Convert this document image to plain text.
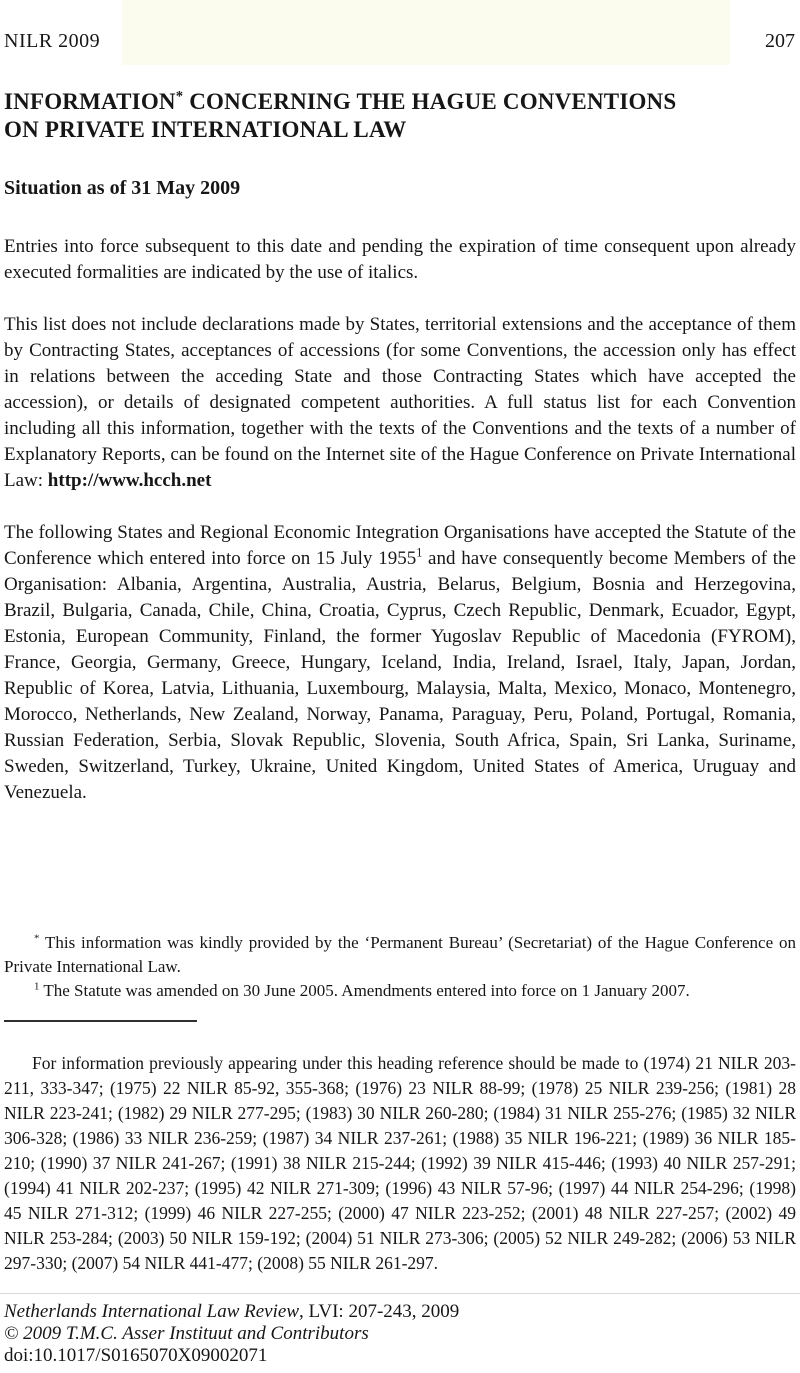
NILR 2009	207
INFORMATION* CONCERNING THE HAGUE CONVENTIONS
ON PRIVATE INTERNATIONAL LAW
Situation as of 31 May 2009

Entries into force subsequent to this date and pending the expiration of time consequent upon already executed formalities are indicated by the use of italics.

This list does not include declarations made by States, territorial extensions and the acceptance of them by Contracting States, acceptances of accessions (for some Conventions, the accession only has effect in relations between the acceding State and those Contracting States which have accepted the accession), or details of designated competent authorities. A full status list for each Convention including all this information, together with the texts of the Conventions and the texts of a number of Explanatory Reports, can be found on the Internet site of the Hague Conference on Private International Law: http://www.hcch.net

The following States and Regional Economic Integration Organisations have accepted the Statute of the Conference which entered into force on 15 July 1955$^1$ and have consequently become Members of the Organisation: Albania, Argentina, Australia, Austria, Belarus, Belgium, Bosnia and Herzegovina, Brazil, Bulgaria, Canada, Chile, China, Croatia, Cyprus, Czech Republic, Denmark, Ecuador, Egypt, Estonia, European Community, Finland, the former Yugoslav Republic of Macedonia (FYROM), France, Georgia, Germany, Greece, Hungary, Iceland, India, Ireland, Israel, Italy, Japan, Jordan, Republic of Korea, Latvia, Lithuania, Luxembourg, Malaysia, Malta, Mexico, Monaco, Montenegro, Morocco, Netherlands, New Zealand, Norway, Panama, Paraguay, Peru, Poland, Portugal, Romania, Russian Federation, Serbia, Slovak Republic, Slovenia, South Africa, Spain, Sri Lanka, Suriname, Sweden, Switzerland, Turkey, Ukraine, United Kingdom, United States of America, Uruguay and Venezuela.

* This information was kindly provided by the ‘Permanent Bureau’ (Secretariat) of the Hague Conference on Private International Law.

$^1$ The Statute was amended on 30 June 2005. Amendments entered into force on 1 January 2007.

For information previously appearing under this heading reference should be made to (1974) 21 NILR 203-211, 333-347; (1975) 22 NILR 85-92, 355-368; (1976) 23 NILR 88-99; (1978) 25 NILR 239-256; (1981) 28 NILR 223-241; (1982) 29 NILR 277-295; (1983) 30 NILR 260-280; (1984) 31 NILR 255-276; (1985) 32 NILR 306-328; (1986) 33 NILR 236-259; (1987) 34 NILR 237-261; (1988) 35 NILR 196-221; (1989) 36 NILR 185-210; (1990) 37 NILR 241-267; (1991) 38 NILR 215-244; (1992) 39 NILR 415-446; (1993) 40 NILR 257-291; (1994) 41 NILR 202-237; (1995) 42 NILR 271-309; (1996) 43 NILR 57-96; (1997) 44 NILR 254-296; (1998) 45 NILR 271-312; (1999) 46 NILR 227-255; (2000) 47 NILR 223-252; (2001) 48 NILR 227-257; (2002) 49 NILR 253-284; (2003) 50 NILR 159-192; (2004) 51 NILR 273-306; (2005) 52 NILR 249-282; (2006) 53 NILR 297-330; (2007) 54 NILR 441-477; (2008) 55 NILR 261-297.

Netherlands International Law Review, LVI: 207-243, 2009

© 2009 T.M.C. Asser Instituut and Contributors

doi:10.1017/S0165070X09002071
